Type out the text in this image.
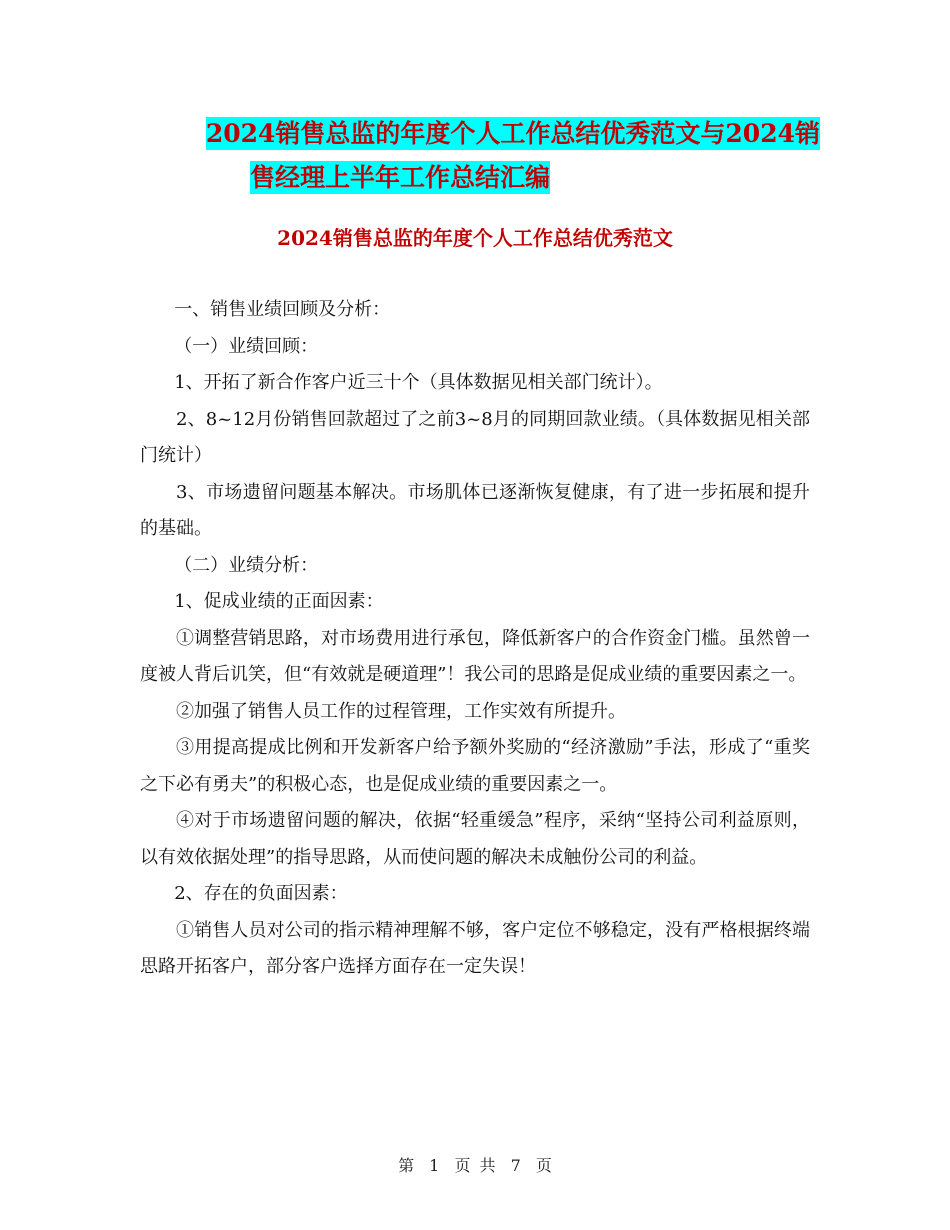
2024销售总监的年度个人工作总结优秀范文与2024销
售经理上半年工作总结汇编
2024销售总监的年度个人工作总结优秀范文

一、销售业绩回顾及分析：

（一）业绩回顾：

1、开拓了新合作客户近三十个（具体数据见相关部门统计）。

2、8~12月份销售回款超过了之前3~8月的同期回款业绩。（具体数据见相关部门统计）

3、市场遗留问题基本解决。市场肌体已逐渐恢复健康，有了进一步拓展和提升的基础。

（二）业绩分析：

1、促成业绩的正面因素：

①调整营销思路，对市场费用进行承包，降低新客户的合作资金门槛。虽然曾一度被人背后讥笑，但“有效就是硬道理”！我公司的思路是促成业绩的重要因素之一。

②加强了销售人员工作的过程管理，工作实效有所提升。

③用提高提成比例和开发新客户给予额外奖励的“经济激励”手法，形成了“重奖之下必有勇夫”的积极心态，也是促成业绩的重要因素之一。

④对于市场遗留问题的解决，依据“轻重缓急”程序，采纳“坚持公司利益原则，以有效依据处理”的指导思路，从而使问题的解决未成触份公司的利益。

2、存在的负面因素：

①销售人员对公司的指示精神理解不够，客户定位不够稳定，没有严格根据终端思路开拓客户，部分客户选择方面存在一定失误！

第 1 页 共 7 页
